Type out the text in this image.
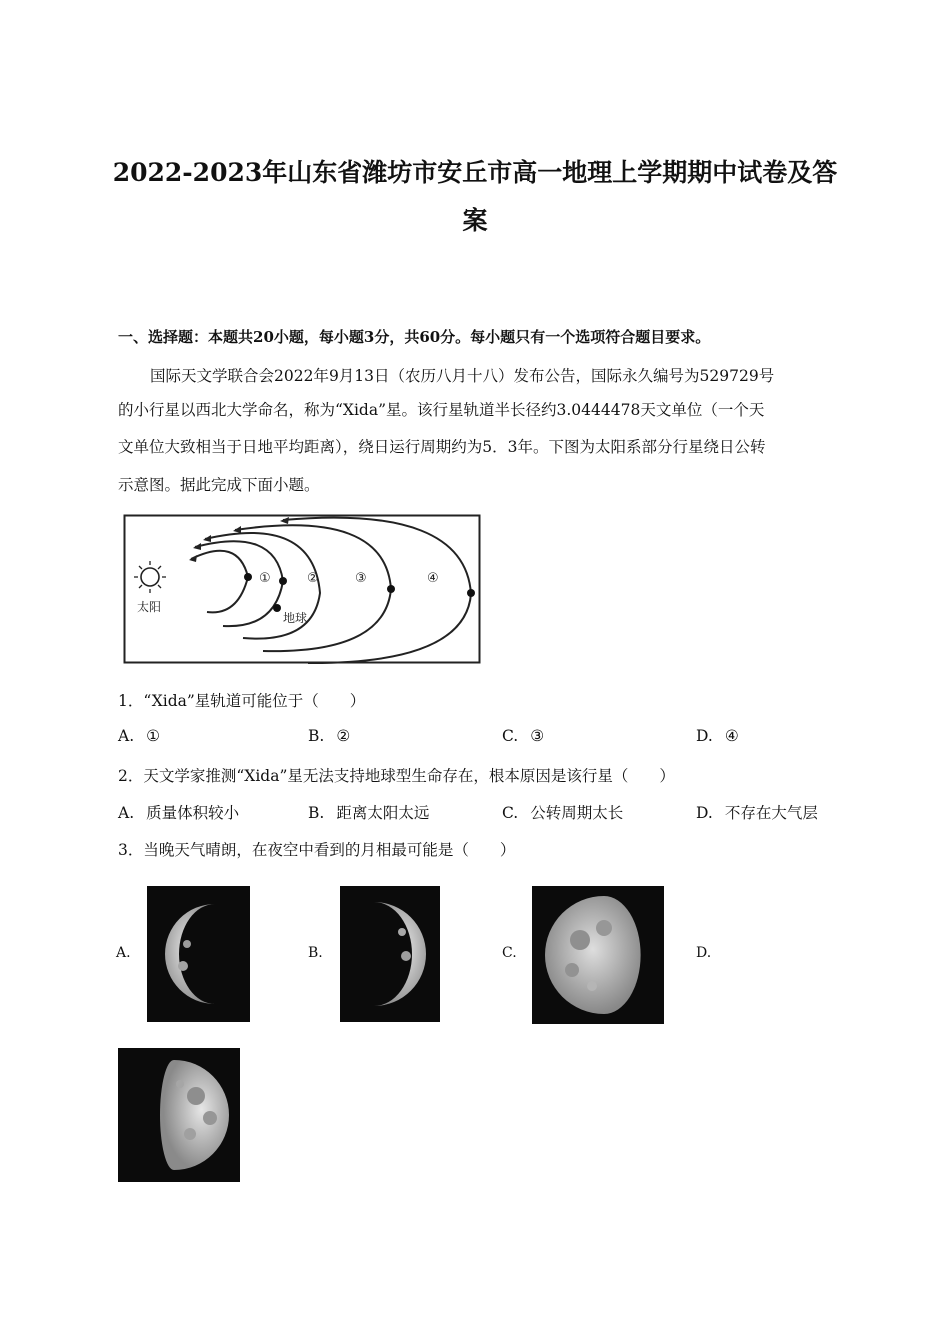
2022-2023年山东省潍坊市安丘市高一地理上学期期中试卷及答
案
一、选择题：本题共20小题，每小题3分，共60分。每小题只有一个选项符合题目要求。
国际天文学联合会2022年9月13日（农历八月十八）发布公告，国际永久编号为529729号
的小行星以西北大学命名，称为“Xida”星。该行星轨道半长径约3.0444478天文单位（一个天
文单位大致相当于日地平均距离），绕日运行周期约为5．3年。下图为太阳系部分行星绕日公转
示意图。据此完成下面小题。
太阳
①	②	③	④
地球
1．“Xida”星轨道可能位于（　　）
A. ①	B. ②	C. ③	D. ④
2．天文学家推测“Xida”星无法支持地球型生命存在，根本原因是该行星（　　）
A. 质量体积较小	B. 距离太阳太远	C. 公转周期太长	D. 不存在大气层
3．当晚天气晴朗，在夜空中看到的月相最可能是（　　）
A.	B.	C.	D.
